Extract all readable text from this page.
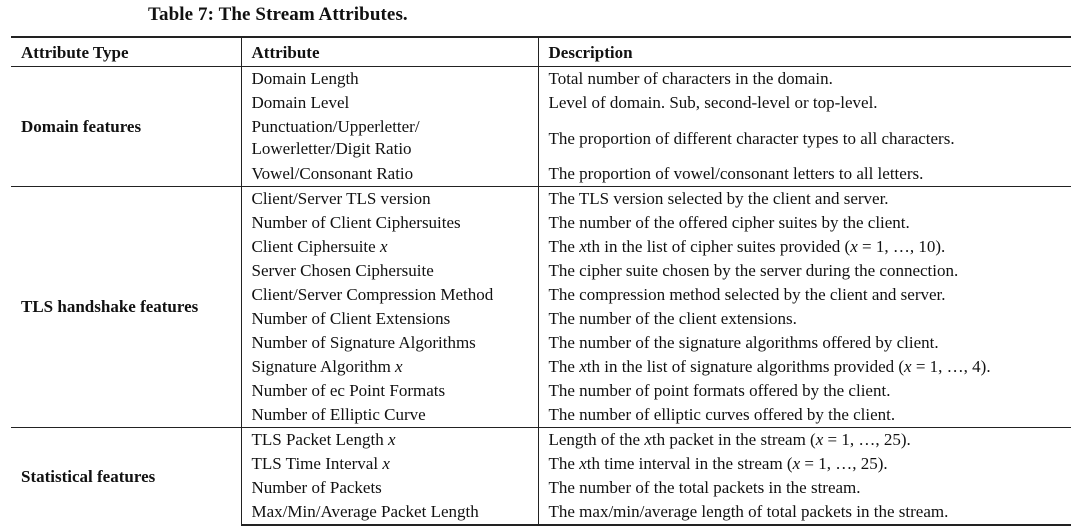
Table 7: The Stream Attributes.
Attribute Type	Attribute	Description
Domain features	Domain Length	Total number of characters in the domain.
	Domain Level	Level of domain. Sub, second-level or top-level.
	Punctuation/Upperletter/ Lowerletter/Digit Ratio	The proportion of different character types to all characters.
	Vowel/Consonant Ratio	The proportion of vowel/consonant letters to all letters.
TLS handshake features	Client/Server TLS version	The TLS version selected by the client and server.
	Number of Client Ciphersuites	The number of the offered cipher suites by the client.
	Client Ciphersuite x	The xth in the list of cipher suites provided (x = 1, …, 10).
	Server Chosen Ciphersuite	The cipher suite chosen by the server during the connection.
	Client/Server Compression Method	The compression method selected by the client and server.
	Number of Client Extensions	The number of the client extensions.
	Number of Signature Algorithms	The number of the signature algorithms offered by client.
	Signature Algorithm x	The xth in the list of signature algorithms provided (x = 1, …, 4).
	Number of ec Point Formats	The number of point formats offered by the client.
	Number of Elliptic Curve	The number of elliptic curves offered by the client.
Statistical features	TLS Packet Length x	Length of the xth packet in the stream (x = 1, …, 25).
	TLS Time Interval x	The xth time interval in the stream (x = 1, …, 25).
	Number of Packets	The number of the total packets in the stream.
	Max/Min/Average Packet Length	The max/min/average length of total packets in the stream.
